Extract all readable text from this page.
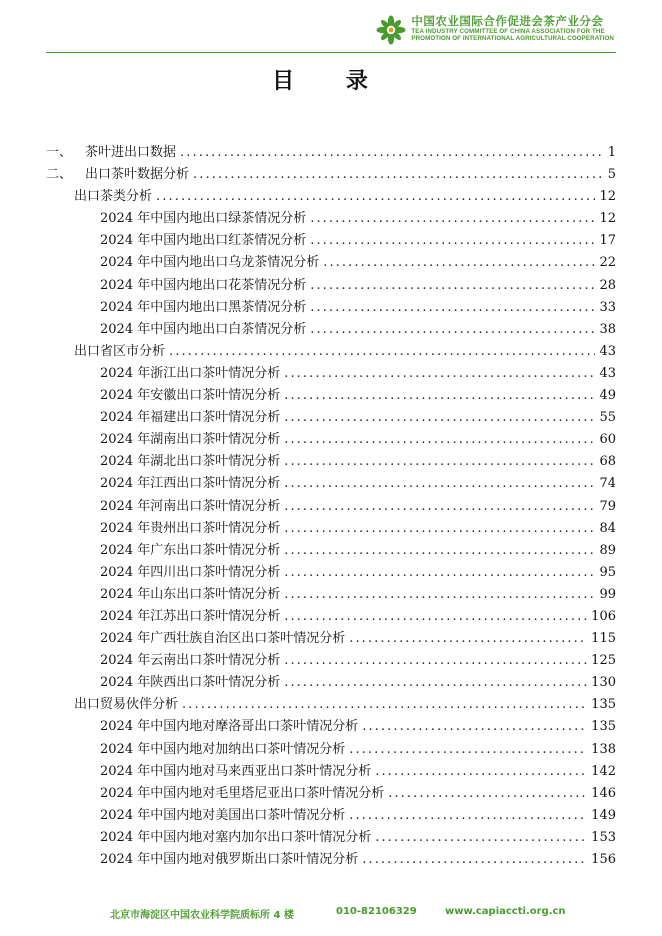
中国农业国际合作促进会茶产业分会
TEA INDUSTRY COMMITTEE OF CHINA ASSOCIATION FOR THE
PROMOTION OF INTERNATIONAL AGRICULTURAL COOPERATION
目 录
一、 茶叶进出口数据 .....	1
二、 出口茶叶数据分析 .....	5
出口茶类分析 .....	12
2024 年中国内地出口绿茶情况分析 .....	12
2024 年中国内地出口红茶情况分析 .....	17
2024 年中国内地出口乌龙茶情况分析 .....	22
2024 年中国内地出口花茶情况分析 .....	28
2024 年中国内地出口黑茶情况分析 .....	33
2024 年中国内地出口白茶情况分析 .....	38
出口省区市分析 .....	43
2024 年浙江出口茶叶情况分析 .....	43
2024 年安徽出口茶叶情况分析 .....	49
2024 年福建出口茶叶情况分析 .....	55
2024 年湖南出口茶叶情况分析 .....	60
2024 年湖北出口茶叶情况分析 .....	68
2024 年江西出口茶叶情况分析 .....	74
2024 年河南出口茶叶情况分析 .....	79
2024 年贵州出口茶叶情况分析 .....	84
2024 年广东出口茶叶情况分析 .....	89
2024 年四川出口茶叶情况分析 .....	95
2024 年山东出口茶叶情况分析 .....	99
2024 年江苏出口茶叶情况分析 .....	106
2024 年广西壮族自治区出口茶叶情况分析 .....	115
2024 年云南出口茶叶情况分析 .....	125
2024 年陕西出口茶叶情况分析 .....	130
出口贸易伙伴分析 .....	135
2024 年中国内地对摩洛哥出口茶叶情况分析 .....	135
2024 年中国内地对加纳出口茶叶情况分析 .....	138
2024 年中国内地对马来西亚出口茶叶情况分析 .....	142
2024 年中国内地对毛里塔尼亚出口茶叶情况分析 .....	146
2024 年中国内地对美国出口茶叶情况分析 .....	149
2024 年中国内地对塞内加尔出口茶叶情况分析 .....	153
2024 年中国内地对俄罗斯出口茶叶情况分析 .....	156
北京市海淀区中国农业科学院质标所 4 楼	010-82106329	www.capiaccti.org.cn
